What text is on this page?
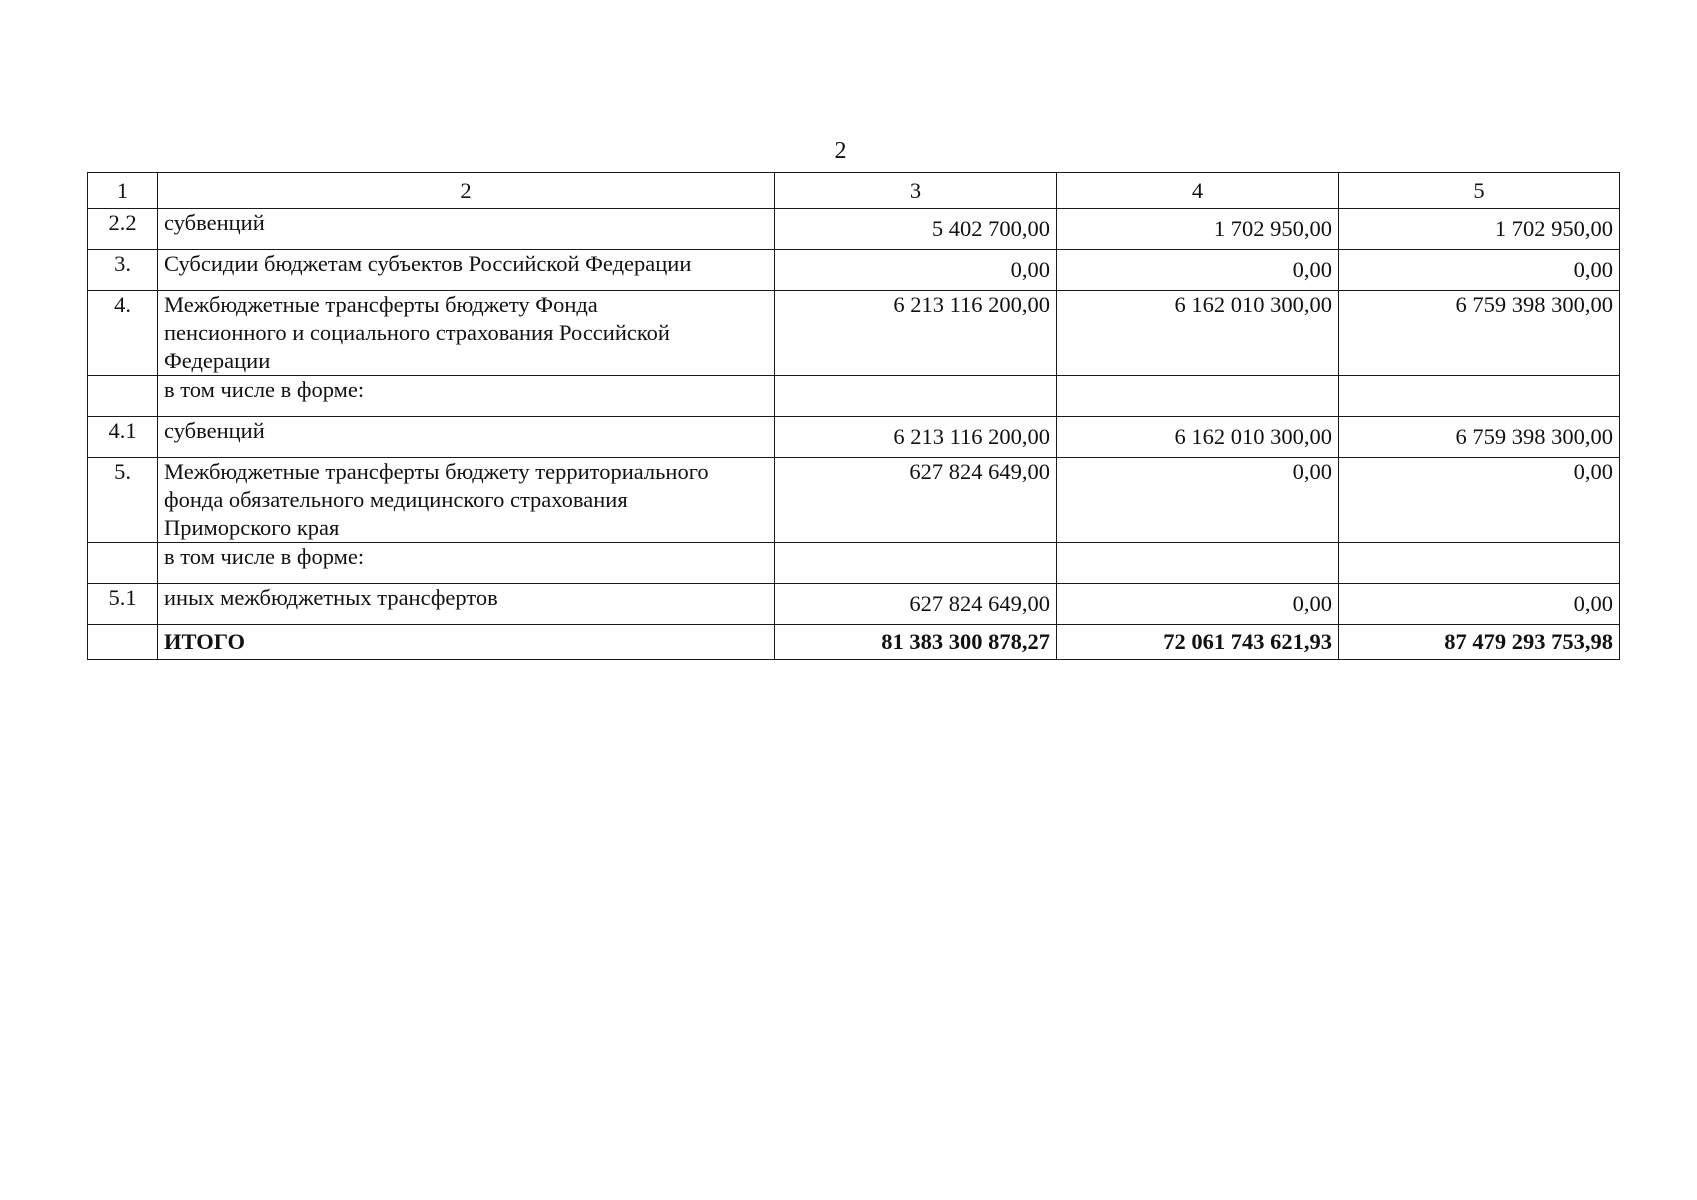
2
1	2	3	4	5
2.2	субвенций	5 402 700,00	1 702 950,00	1 702 950,00
3.	Субсидии бюджетам субъектов Российской Федерации	0,00	0,00	0,00
4.	Межбюджетные трансферты бюджету Фонда
пенсионного и социального страхования Российской
Федерации	6 213 116 200,00	6 162 010 300,00	6 759 398 300,00
	в том числе в форме:			
4.1	субвенций	6 213 116 200,00	6 162 010 300,00	6 759 398 300,00
5.	Межбюджетные трансферты бюджету территориального
фонда обязательного медицинского страхования
Приморского края	627 824 649,00	0,00	0,00
	в том числе в форме:			
5.1	иных межбюджетных трансфертов	627 824 649,00	0,00	0,00
	ИТОГО	81 383 300 878,27	72 061 743 621,93	87 479 293 753,98
